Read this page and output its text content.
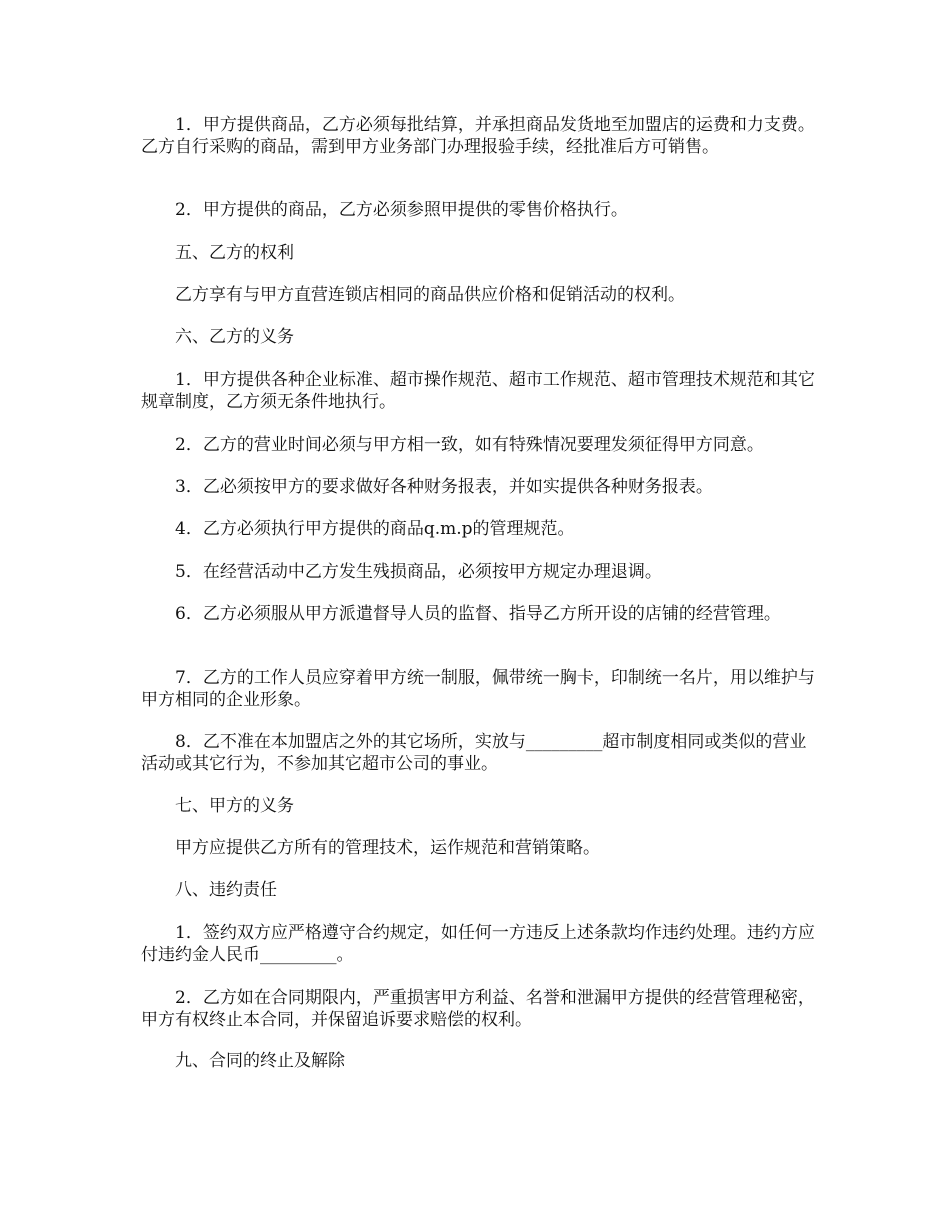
1．甲方提供商品，乙方必须每批结算，并承担商品发货地至加盟店的运费和力支费。乙方自行采购的商品，需到甲方业务部门办理报验手续，经批准后方可销售。

2．甲方提供的商品，乙方必须参照甲提供的零售价格执行。

五、乙方的权利

乙方享有与甲方直营连锁店相同的商品供应价格和促销活动的权利。

六、乙方的义务

1．甲方提供各种企业标准、超市操作规范、超市工作规范、超市管理技术规范和其它规章制度，乙方须无条件地执行。

2．乙方的营业时间必须与甲方相一致，如有特殊情况要理发须征得甲方同意。

3．乙必须按甲方的要求做好各种财务报表，并如实提供各种财务报表。

4．乙方必须执行甲方提供的商品q.m.p的管理规范。

5．在经营活动中乙方发生残损商品，必须按甲方规定办理退调。

6．乙方必须服从甲方派遣督导人员的监督、指导乙方所开设的店铺的经营管理。

7．乙方的工作人员应穿着甲方统一制服，佩带统一胸卡，印制统一名片，用以维护与甲方相同的企业形象。

8．乙不准在本加盟店之外的其它场所，实放与_________超市制度相同或类似的营业活动或其它行为，不参加其它超市公司的事业。

七、甲方的义务

甲方应提供乙方所有的管理技术，运作规范和营销策略。

八、违约责任

1．签约双方应严格遵守合约规定，如任何一方违反上述条款均作违约处理。违约方应付违约金人民币_________。

2．乙方如在合同期限内，严重损害甲方利益、名誉和泄漏甲方提供的经营管理秘密，甲方有权终止本合同，并保留追诉要求赔偿的权利。

九、合同的终止及解除
